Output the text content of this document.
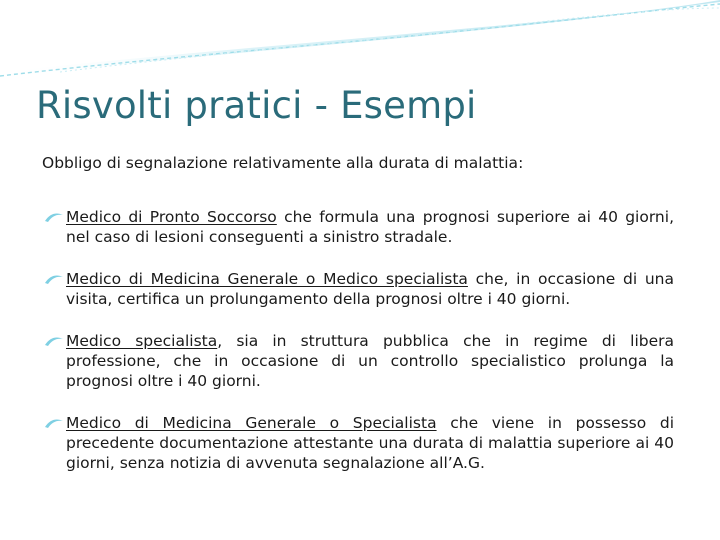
Risvolti pratici - Esempi

Obbligo di segnalazione relativamente alla durata di malattia:

Medico di Pronto Soccorso che formula una prognosi superiore ai 40 giorni, nel caso di lesioni conseguenti a sinistro stradale.
Medico di Medicina Generale o Medico specialista che, in occasione di una visita, certifica un prolungamento della prognosi oltre i 40 giorni.
Medico specialista, sia in struttura pubblica che in regime di libera professione, che in occasione di un controllo specialistico prolunga la prognosi oltre i 40 giorni.
Medico di Medicina Generale o Specialista che viene in possesso di precedente documentazione attestante una durata di malattia superiore ai 40 giorni, senza notizia di avvenuta segnalazione all’A.G.
